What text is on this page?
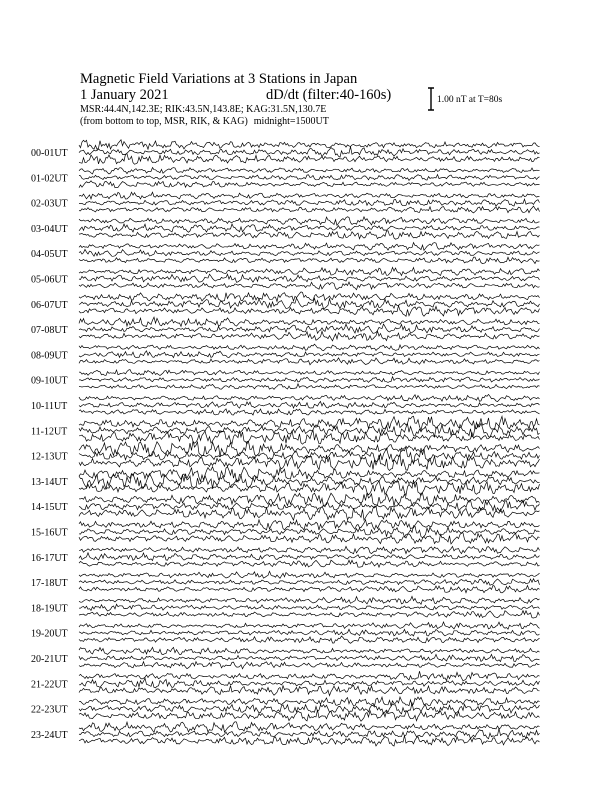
Magnetic Field Variations at 3 Stations in Japan
1 January 2021	dD/dt (filter:40-160s)
MSR:44.4N,142.3E; RIK:43.5N,143.8E; KAG:31.5N,130.7E
(from bottom to top, MSR, RIK, & KAG) midnight=1500UT
1.00 nT at T=80s
00-01UT
01-02UT
02-03UT
03-04UT
04-05UT
05-06UT
06-07UT
07-08UT
08-09UT
09-10UT
10-11UT
11-12UT
12-13UT
13-14UT
14-15UT
15-16UT
16-17UT
17-18UT
18-19UT
19-20UT
20-21UT
21-22UT
22-23UT
23-24UT
